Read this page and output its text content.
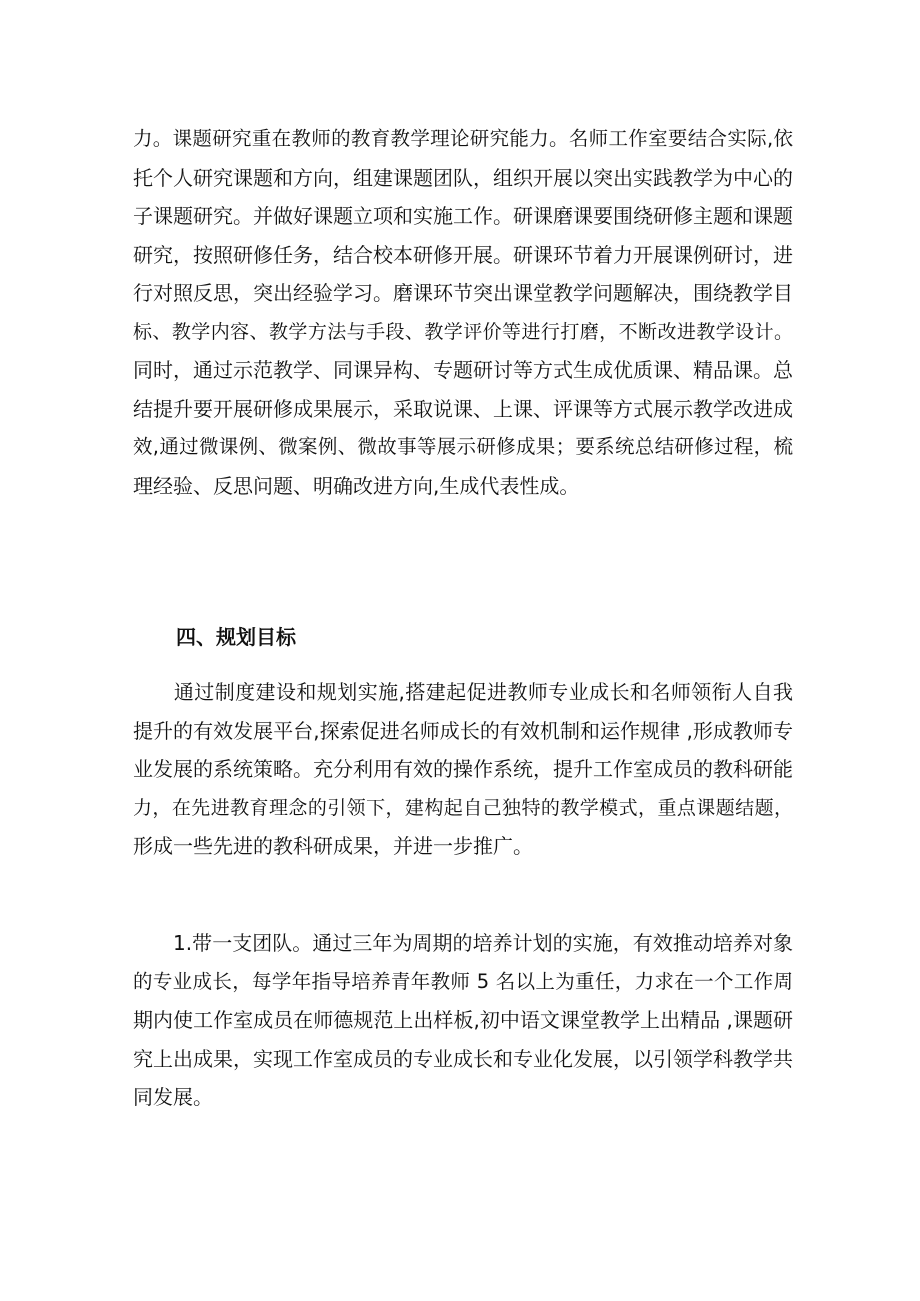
力。课题研究重在教师的教育教学理论研究能力。名师工作室要结合实际,依
托个人研究课题和方向，组建课题团队，组织开展以突出实践教学为中心的
子课题研究。并做好课题立项和实施工作。研课磨课要围绕研修主题和课题
研究，按照研修任务，结合校本研修开展。研课环节着力开展课例研讨，进
行对照反思，突出经验学习。磨课环节突出课堂教学问题解决，围绕教学目
标、教学内容、教学方法与手段、教学评价等进行打磨，不断改进教学设计。
同时，通过示范教学、同课异构、专题研讨等方式生成优质课、精品课。总
结提升要开展研修成果展示，采取说课、上课、评课等方式展示教学改进成
效,通过微课例、微案例、微故事等展示研修成果；要系统总结研修过程，梳
理经验、反思问题、明确改进方向,生成代表性成。

四、规划目标

　　通过制度建设和规划实施,搭建起促进教师专业成长和名师领衔人自我
提升的有效发展平台,探索促进名师成长的有效机制和运作规律 ,形成教师专
业发展的系统策略。充分利用有效的操作系统，提升工作室成员的教科研能
力，在先进教育理念的引领下，建构起自己独特的教学模式，重点课题结题，
形成一些先进的教科研成果，并进一步推广。

　　1.带一支团队。通过三年为周期的培养计划的实施，有效推动培养对象
的专业成长，每学年指导培养青年教师 5 名以上为重任，力求在一个工作周
期内使工作室成员在师德规范上出样板,初中语文课堂教学上出精品 ,课题研
究上出成果，实现工作室成员的专业成长和专业化发展，以引领学科教学共
同发展。
